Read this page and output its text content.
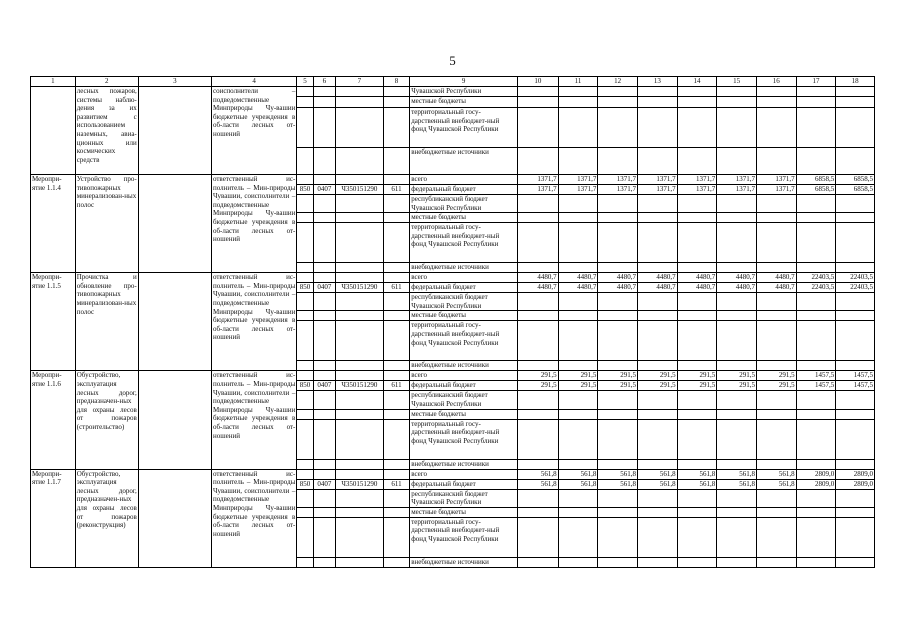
5
1	2	3	4	5	6	7	8	9	10	11	12	13	14	15	16	17	18
	лесных пожаров, системы наблю-дения за их развитием с использованием наземных, авиа-ционных или космических средств		соисполнители – подведомственные Минприроды Чу-вашии бюджетные учреждения в об-ласти лесных от-ношений					Чувашской Республики									
								местные бюджеты									
								территориальный госу-дарственный внебюджет-ный фонд Чувашской Республики									
								внебюджетные источники									
Меропри-ятие 1.1.4	Устройство про-тивопожарных минерализован-ных полос		ответственный ис-полнитель – Мин-природы Чувашии, соисполнители – подведомственные Минприроды Чу-вашии бюджетные учреждения в об-ласти лесных от-ношений					всего	1371,7	1371,7	1371,7	1371,7	1371,7	1371,7	1371,7	6858,5	6858,5
				850	0407	Ч350151290	611	федеральный бюджет	1371,7	1371,7	1371,7	1371,7	1371,7	1371,7	1371,7	6858,5	6858,5
								республиканский бюджет Чувашской Республики									
								местные бюджеты									
								территориальный госу-дарственный внебюджет-ный фонд Чувашской Республики									
								внебюджетные источники									
Меропри-ятие 1.1.5	Прочистка и обновление про-тивопожарных минерализован-ных полос		ответственный ис-полнитель – Мин-природы Чувашии, соисполнители – подведомственные Минприроды Чу-вашии бюджетные учреждения в об-ласти лесных от-ношений					всего	4480,7	4480,7	4480,7	4480,7	4480,7	4480,7	4480,7	22403,5	22403,5
				850	0407	Ч350151290	611	федеральный бюджет	4480,7	4480,7	4480,7	4480,7	4480,7	4480,7	4480,7	22403,5	22403,5
								республиканский бюджет Чувашской Республики									
								местные бюджеты									
								территориальный госу-дарственный внебюджет-ный фонд Чувашской Республики									
								внебюджетные источники									
Меропри-ятие 1.1.6	Обустройство, эксплуатация лесных дорог, предназначен-ных для охраны лесов от пожаров (строительство)		ответственный ис-полнитель – Мин-природы Чувашии, соисполнители – подведомственные Минприроды Чу-вашии бюджетные учреждения в об-ласти лесных от-ношений					всего	291,5	291,5	291,5	291,5	291,5	291,5	291,5	1457,5	1457,5
				850	0407	Ч350151290	611	федеральный бюджет	291,5	291,5	291,5	291,5	291,5	291,5	291,5	1457,5	1457,5
								республиканский бюджет Чувашской Республики									
								местные бюджеты									
								территориальный госу-дарственный внебюджет-ный фонд Чувашской Республики									
								внебюджетные источники									
Меропри-ятие 1.1.7	Обустройство, эксплуатация лесных дорог, предназначен-ных для охраны лесов от пожаров (реконструкция)		ответственный ис-полнитель – Мин-природы Чувашии, соисполнители – подведомственные Минприроды Чу-вашии бюджетные учреждения в об-ласти лесных от-ношений					всего	561,8	561,8	561,8	561,8	561,8	561,8	561,8	2809,0	2809,0
				850	0407	Ч350151290	611	федеральный бюджет	561,8	561,8	561,8	561,8	561,8	561,8	561,8	2809,0	2809,0
								республиканский бюджет Чувашской Республики									
								местные бюджеты									
								территориальный госу-дарственный внебюджет-ный фонд Чувашской Республики									
								внебюджетные источники									
